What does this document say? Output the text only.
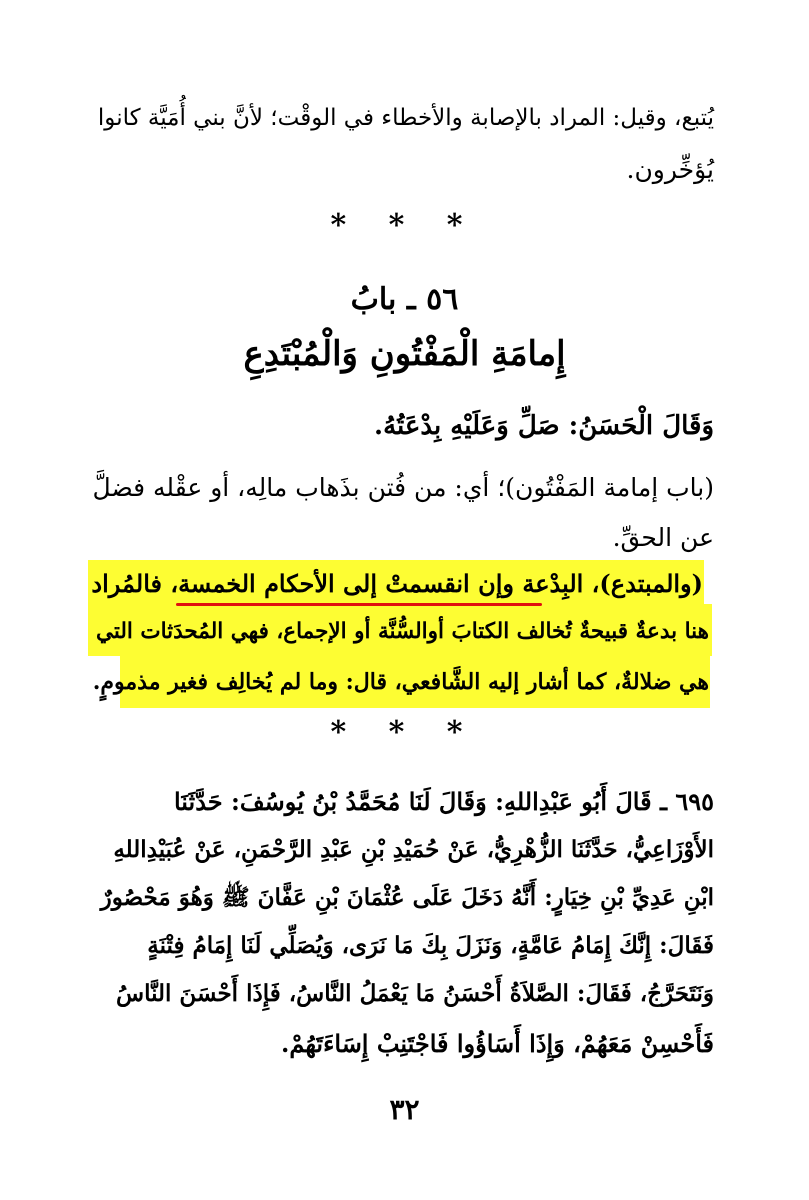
يُتبع، وقيل: المراد بالإصابة والأخطاء في الوقْت؛ لأنَّ بني أُمَيَّة كانوا
يُؤخِّرون.
* * *
٥٦ ـ بابُ
إِمامَةِ الْمَفْتُونِ وَالْمُبْتَدِعِ
وَقَالَ الْحَسَنُ: صَلِّ وَعَلَيْهِ بِدْعَتُهُ.
(باب إمامة المَفْتُون)؛ أي: من فُتن بذَهاب مالِه، أو عقْله فضلَّ
عن الحقِّ.
(والمبتدع)، البِدْعة وإن انقسمتْ إلى الأحكام الخمسة، فالمُراد
هنا بدعةٌ قبيحةٌ تُخالف الكتابَ أوالسُّنَّة أو الإجماع، فهي المُحدَثات التي
هي ضلالةٌ، كما أشار إليه الشَّافعي، قال: وما لم يُخالِف فغير مذمومٍ.
* * *
٦٩٥ ـ قَالَ أَبُو عَبْدِاللهِ: وَقَالَ لَنَا مُحَمَّدُ بْنُ يُوسُفَ: حَدَّثَنَا
الأَوْزَاعِيُّ، حَدَّثَنَا الزُّهْرِيُّ، عَنْ حُمَيْدِ بْنِ عَبْدِ الرَّحْمَنِ، عَنْ عُبَيْدِاللهِ
ابْنِ عَدِيِّ بْنِ خِيَارٍ: أَنَّهُ دَخَلَ عَلَى عُثْمَانَ بْنِ عَفَّانَ ﷺ وَهُوَ مَحْصُورٌ
فَقَالَ: إِنَّكَ إِمَامُ عَامَّةٍ، وَنَزَلَ بِكَ مَا نَرَى، وَيُصَلِّي لَنَا إِمَامُ فِتْنَةٍ
وَنَتَحَرَّجُ، فَقَالَ: الصَّلاَةُ أَحْسَنُ مَا يَعْمَلُ النَّاسُ، فَإِذَا أَحْسَنَ النَّاسُ
فَأَحْسِنْ مَعَهُمْ، وَإِذَا أَسَاؤُوا فَاجْتَنِبْ إِسَاءَتَهُمْ.
٣٢
